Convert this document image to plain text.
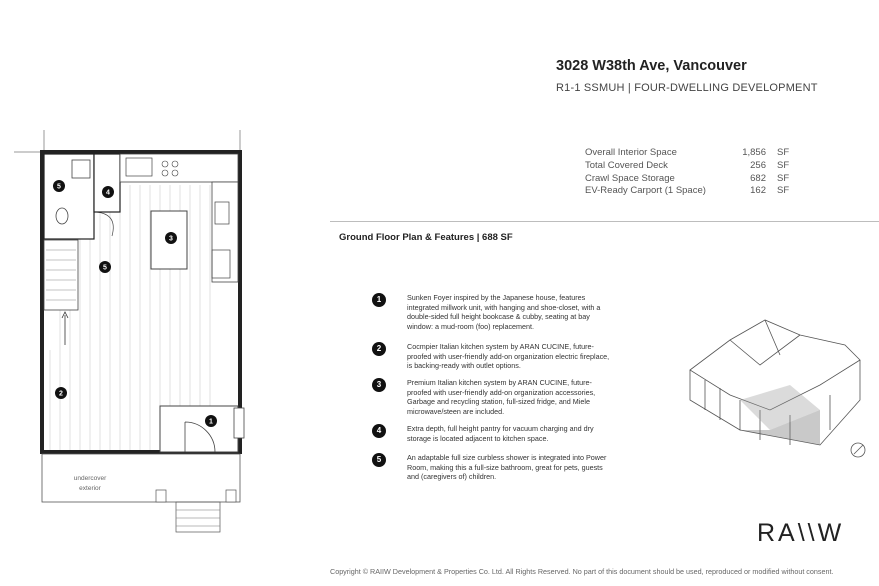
3028 W38th Ave, Vancouver
R1-1 SSMUH | FOUR-DWELLING DEVELOPMENT
Overall Interior Space	1,856	SF
Total Covered Deck	256	SF
Crawl Space Storage	682	SF
EV-Ready Carport (1 Space)	162	SF
Ground Floor Plan & Features | 688 SF
1	Sunken Foyer inspired by the Japanese house, features integrated millwork unit, with hanging and shoe-closet, with a double-sided full height bookcase & cubby, seating at bay window: a mud-room (foo) replacement.
2	Cocmpier Italian kitchen system by ARAN CUCINE, future-proofed with user-friendly add-on organization electric fireplace, is backing-ready with outlet options.
3	Premium Italian kitchen system by ARAN CUCINE, future-proofed with user-friendly add-on organization accessories, Garbage and recycling station, full-sized fridge, and Miele microwave/steen are included.
4	Extra depth, full height pantry for vacuum charging and dry storage is located adjacent to kitchen space.
5	An adaptable full size curbless shower is integrated into Power Room, making this a full-size bathroom, great for pets, guests and (caregivers of) children.
undercover
exterior
5
4
3
5
2
1
RA\\W
Copyright © RAIIW Development & Properties Co. Ltd. All Rights Reserved. No part of this document should be used, reproduced or modified without consent.
